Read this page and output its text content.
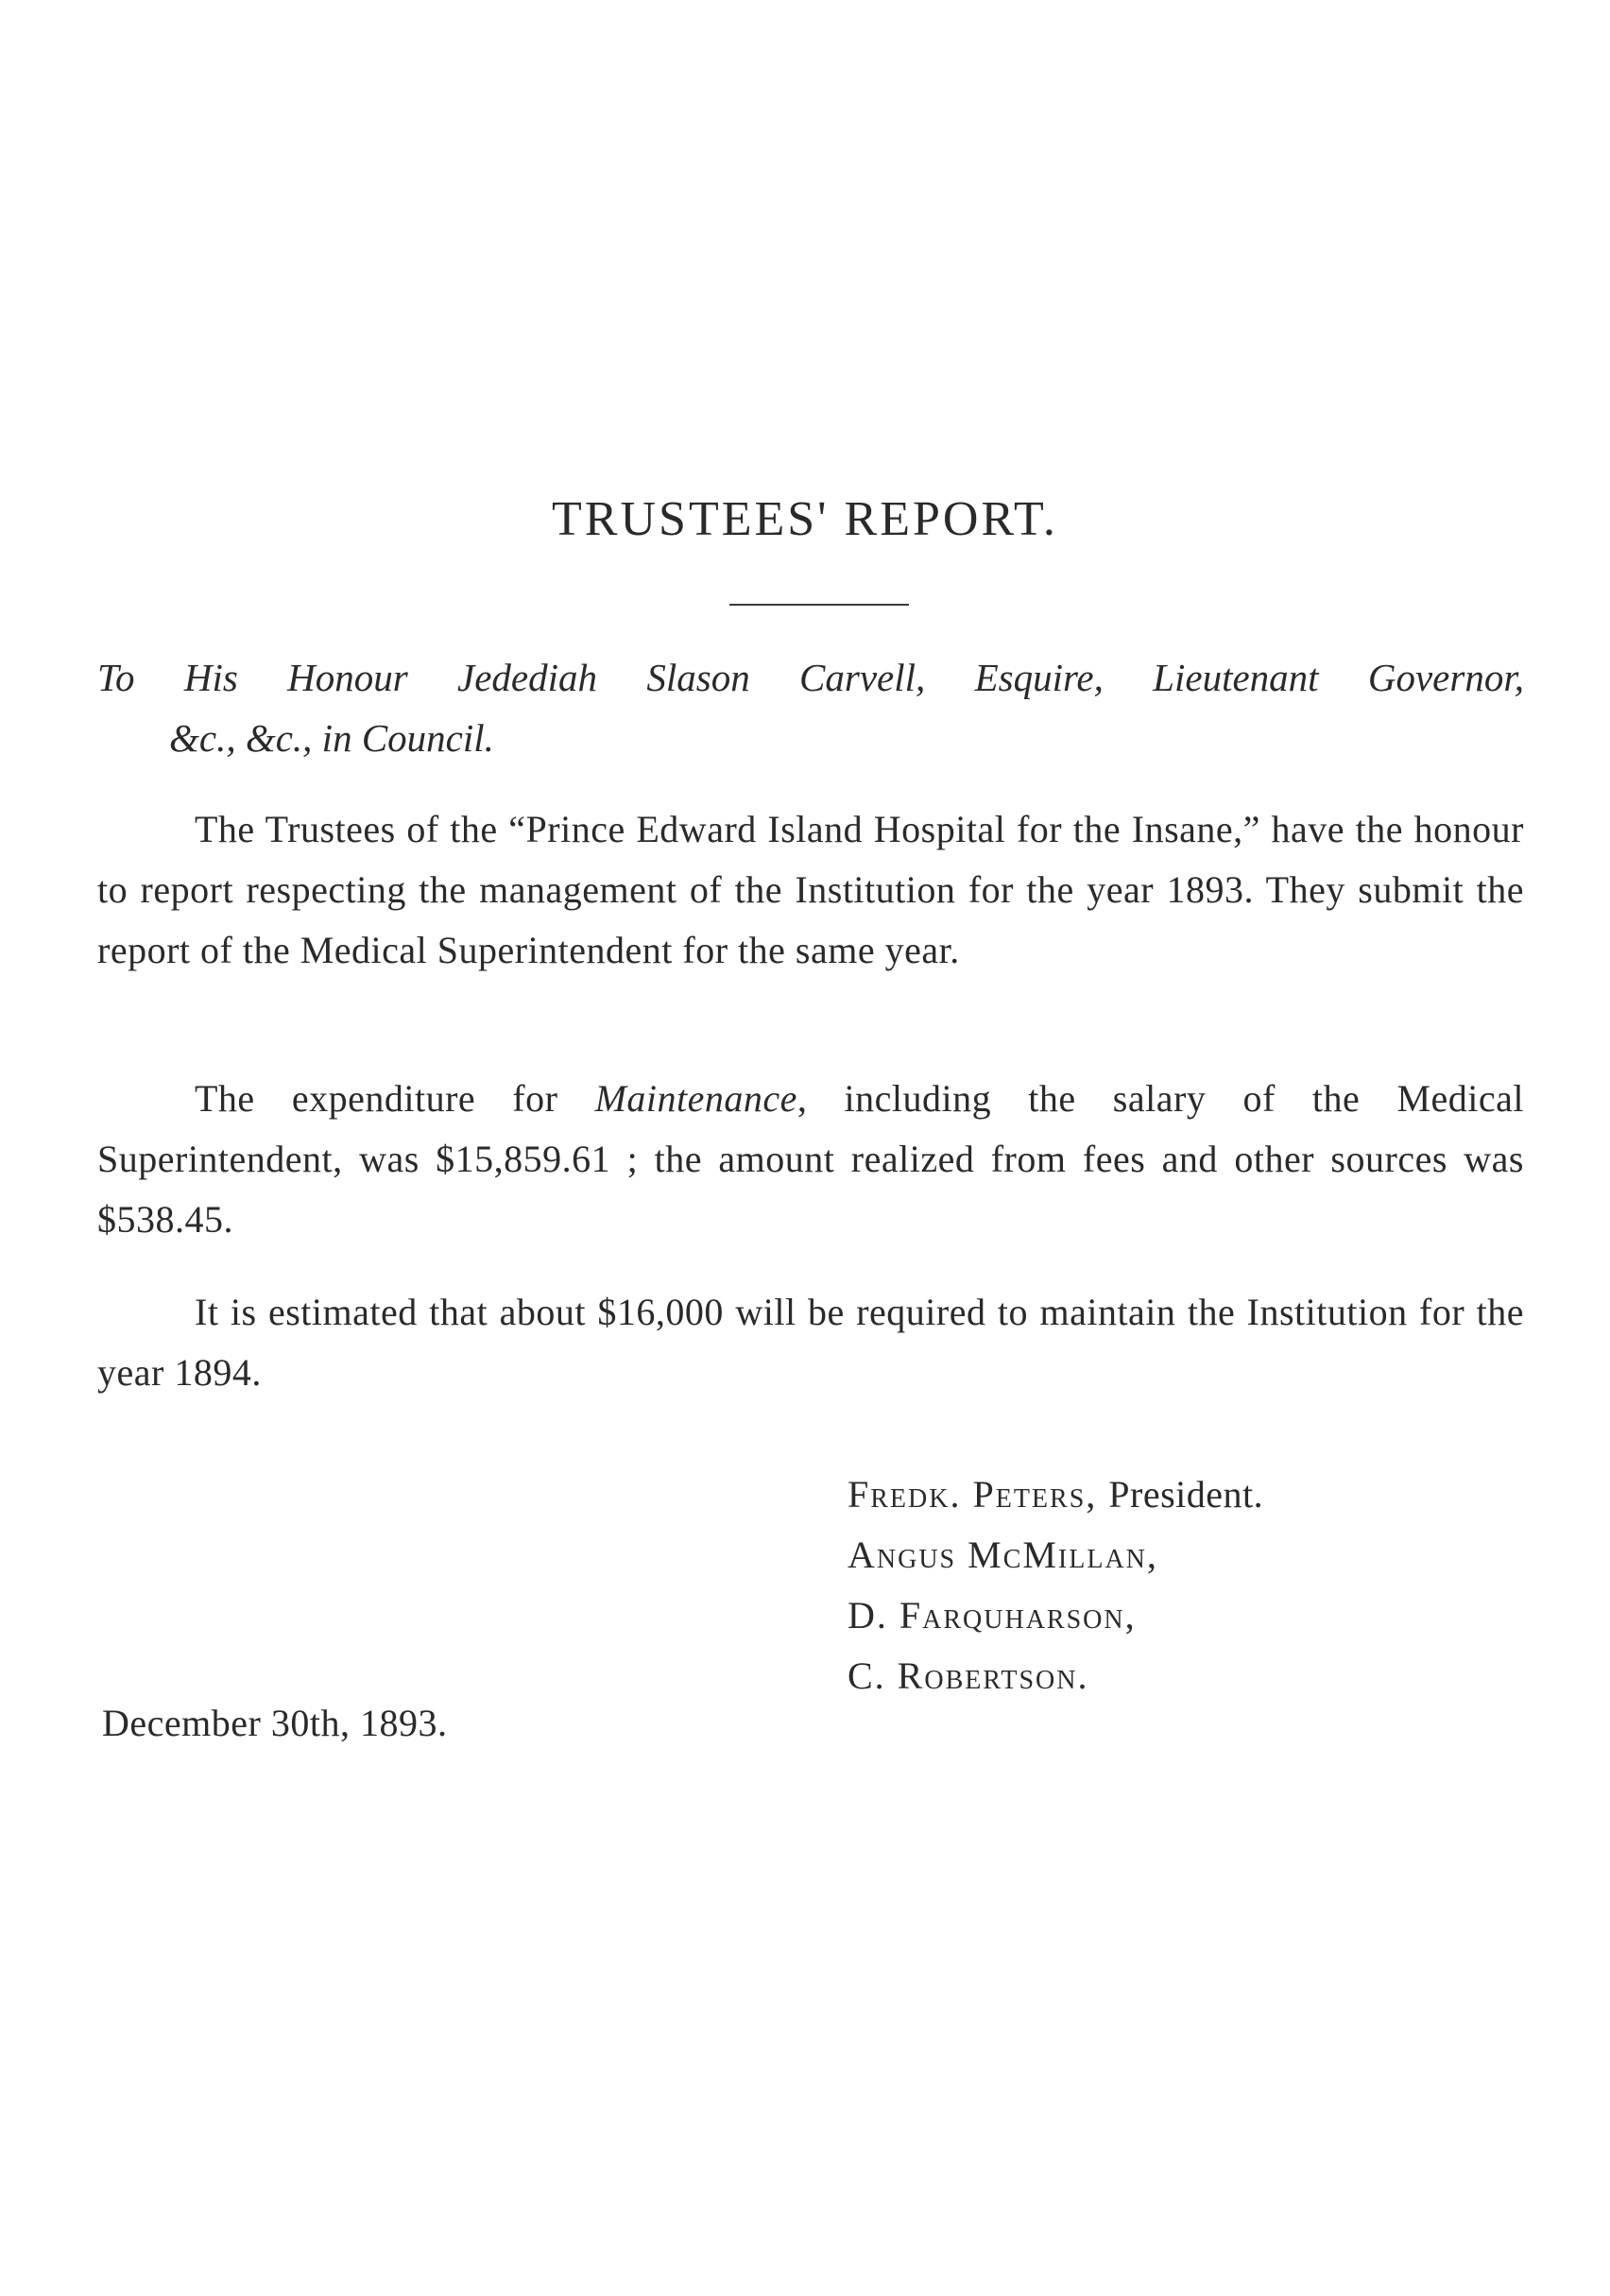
TRUSTEES' REPORT.

To His Honour Jedediah Slason Carvell, Esquire, Lieutenant Governor,
&c., &c., in Council.

The Trustees of the “Prince Edward Island Hospital for the Insane,” have the honour to report respecting the management of the Institution for the year 1893. They submit the report of the Medical Superintendent for the same year.

The expenditure for Maintenance, including the salary of the Medical Superintendent, was $15,859.61 ; the amount realized from fees and other sources was $538.45.

It is estimated that about $16,000 will be required to maintain the Institution for the year 1894.

Fredk. Peters, President.
Angus McMillan,
D. Farquharson,
C. Robertson.

December 30th, 1893.
